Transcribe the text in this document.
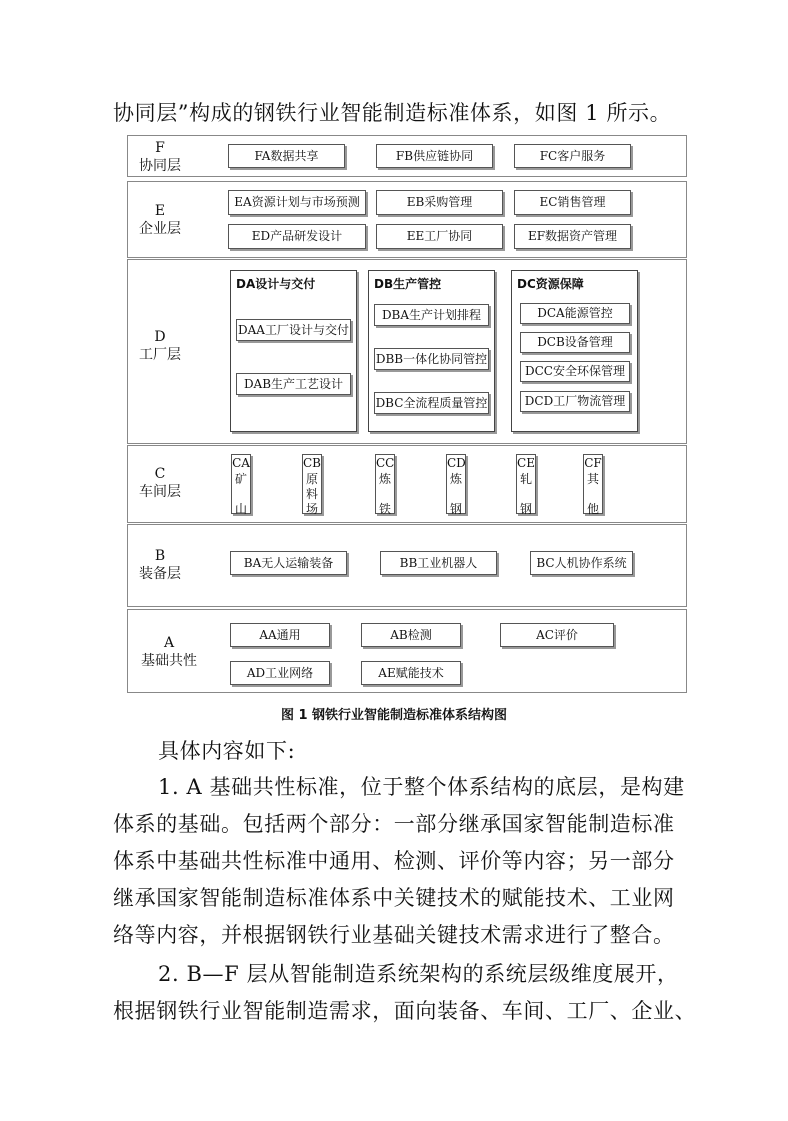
协同层”构成的钢铁行业智能制造标准体系，如图 1 所示。
F
协同层
FA数据共享	FB供应链协同	FC客户服务
E
企业层
EA资源计划与市场预测	EB采购管理	EC销售管理
ED产品研发设计	EE工厂协同	EF数据资产管理
D
工厂层
DA设计与交付
DAA工厂设计与交付
DAB生产工艺设计
DB生产管控
DBA生产计划排程
DBB一体化协同管控
DBC全流程质量管控
DC资源保障
DCA能源管控
DCB设备管理
DCC安全环保管理
DCD工厂物流管理
C
车间层
CA
矿
山
CB
原
料
场
CC
炼
铁
CD
炼
钢
CE
轧
钢
CF
其
他
B
装备层
BA无人运输装备	BB工业机器人	BC人机协作系统
A
基础共性
AA通用	AB检测	AC评价
AD工业网络	AE赋能技术
图 1 钢铁行业智能制造标准体系结构图
具体内容如下:
1. A 基础共性标准，位于整个体系结构的底层，是构建
体系的基础。包括两个部分：一部分继承国家智能制造标准
体系中基础共性标准中通用、检测、评价等内容；另一部分
继承国家智能制造标准体系中关键技术的赋能技术、工业网
络等内容，并根据钢铁行业基础关键技术需求进行了整合。
2. B—F 层从智能制造系统架构的系统层级维度展开，
根据钢铁行业智能制造需求，面向装备、车间、工厂、企业、
